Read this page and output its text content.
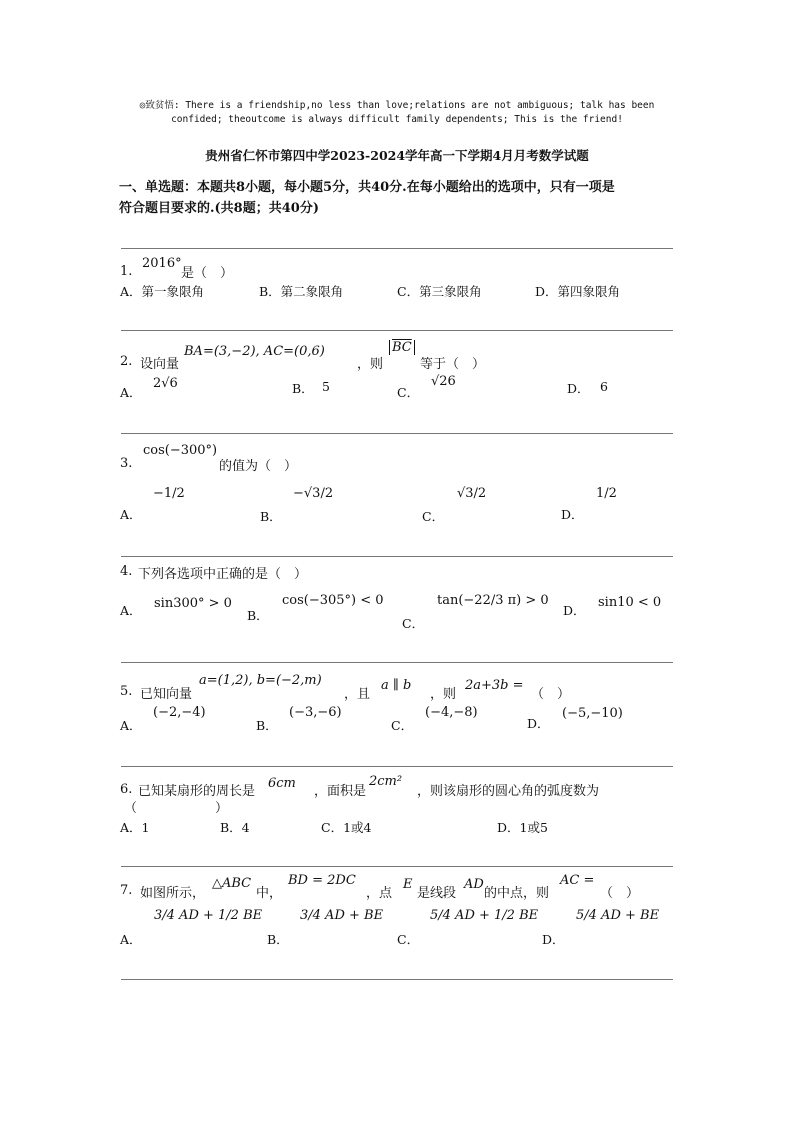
◎致贫悟: There is a friendship,no less than love;relations are not ambiguous; talk has been
confided; theoutcome is always difficult family dependents; This is the friend!
贵州省仁怀市第四中学2023-2024学年高一下学期4月月考数学试题
一、单选题：本题共8小题，每小题5分，共40分.在每小题给出的选项中，只有一项是
符合题目要求的.(共8题；共40分)
1.
2016°
是（　）
A．第一象限角	B．第二象限角	C．第三象限角	D．第四象限角
2. 设向量
BA=(3,−2), AC=(0,6)
，则
$\overline{BC}$
等于（　）
A．
2√6	B． 5	C．
√26	D． 6
3.
cos(−300°)
的值为（　）
A．
−1/2
B．
−√3/2
C．
√3/2
D．
1/2
4. 下列各选项中正确的是（　）
A． sin300° > 0
B．
cos(−305°) < 0
C．
tan(−22/3 π) > 0
D．
sin10 < 0
5. 已知向量
a=(1,2), b=(−2,m)
，且
a ∥ b
，则
2a+3b =
（　）
A．
(−2,−4)
B．
(−3,−6)
C．
(−4,−8)
D．
(−5,−10)
6. 已知某扇形的周长是
6cm
，面积是
2cm²
，则该扇形的圆心角的弧度数为
（　　　　　　）
A．1	B．4	C．1或4	D．1或5
7. 如图所示，
△ABC
中，
BD = 2DC
，点
E
是线段
AD
的中点，则
AC =
（　）
A．
3/4 AD + 1/2 BE
B．
3/4 AD + BE
C．
5/4 AD + 1/2 BE
D．
5/4 AD + BE
